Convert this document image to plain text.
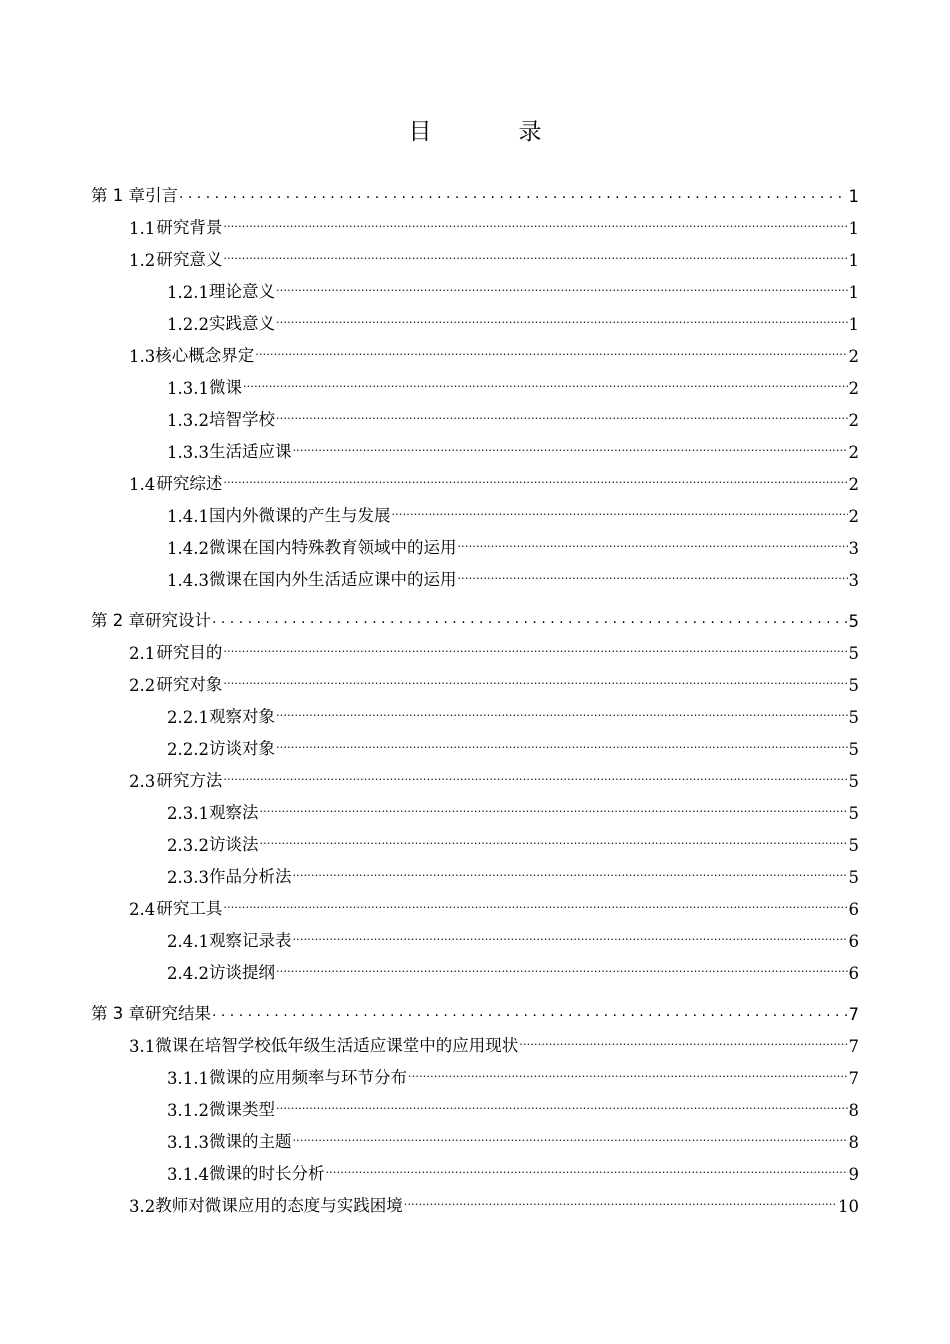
目　录
第 1 章 引言 . . .	1
1.1 研究背景 .....	1
1.2 研究意义 .....	1
1.2.1 理论意义 .....	1
1.2.2 实践意义 .....	1
1.3 核心概念界定 .....	2
1.3.1 微课 .....	2
1.3.2 培智学校 .....	2
1.3.3 生活适应课 .....	2
1.4 研究综述 .....	2
1.4.1 国内外微课的产生与发展 .....	2
1.4.2 微课在国内特殊教育领域中的运用 .....	3
1.4.3 微课在国内外生活适应课中的运用 .....	3
第 2 章 研究设计 . . .	5
2.1 研究目的 .....	5
2.2 研究对象 .....	5
2.2.1 观察对象 .....	5
2.2.2 访谈对象 .....	5
2.3 研究方法 .....	5
2.3.1 观察法 .....	5
2.3.2 访谈法 .....	5
2.3.3 作品分析法 .....	5
2.4 研究工具 .....	6
2.4.1 观察记录表 .....	6
2.4.2 访谈提纲 .....	6
第 3 章 研究结果 . . .	7
3.1 微课在培智学校低年级生活适应课堂中的应用现状 .....	7
3.1.1 微课的应用频率与环节分布 .....	7
3.1.2 微课类型 .....	8
3.1.3 微课的主题 .....	8
3.1.4 微课的时长分析 .....	9
3.2 教师对微课应用的态度与实践困境 .....	10
